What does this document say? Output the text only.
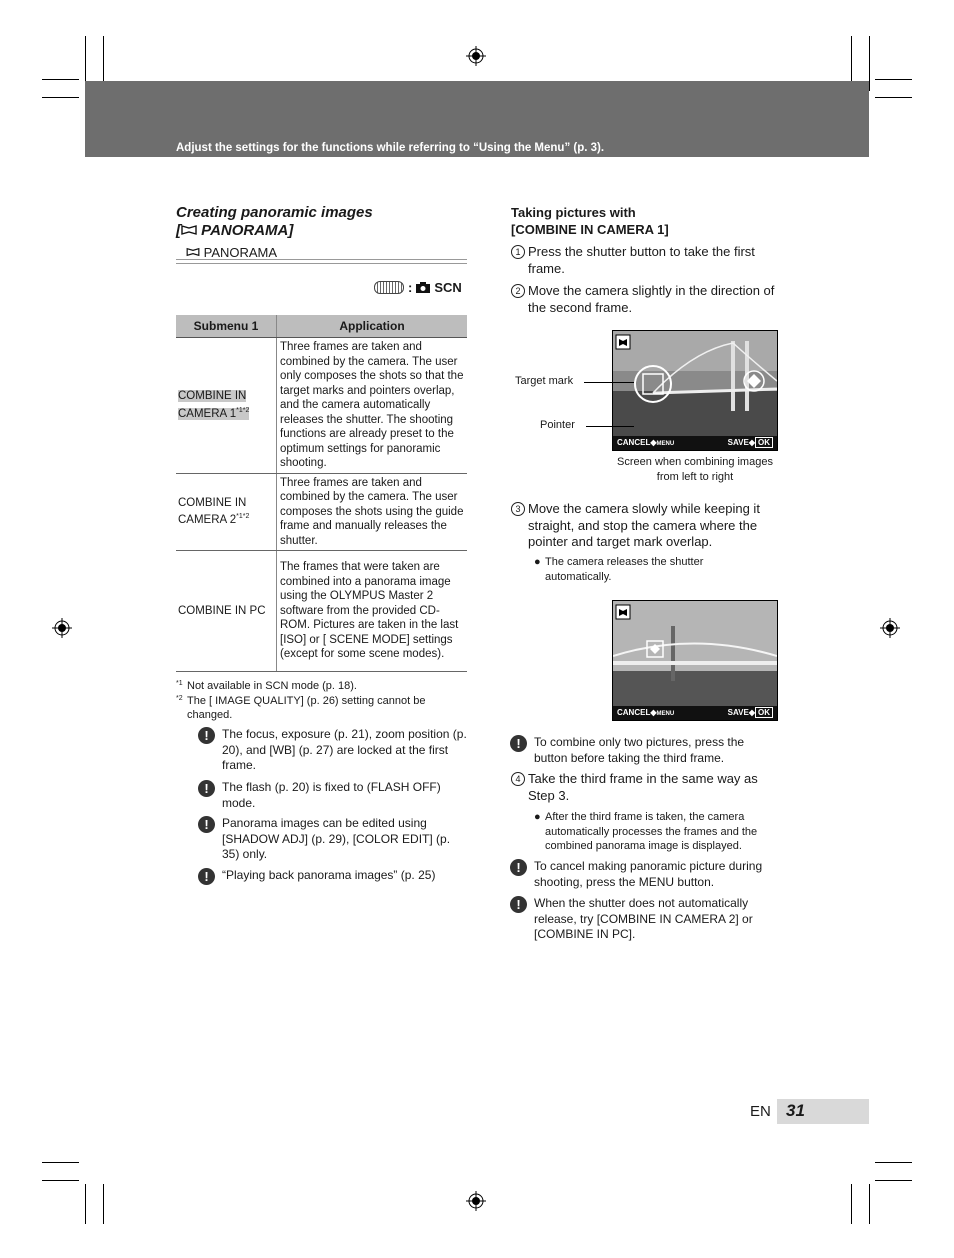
Adjust the settings for the functions while referring to “Using the Menu” (p. 3).
Creating panoramic images
[ PANORAMA]
PANORAMA
: SCN
Submenu 1	Application
COMBINE IN CAMERA $1^{*1*2}$	Three frames are taken and combined by the camera. The user only composes the shots so that the target marks and pointers overlap, and the camera automatically releases the shutter. The shooting functions are already preset to the optimum settings for panoramic shooting.
COMBINE IN CAMERA $2^{*1*2}$	Three frames are taken and combined by the camera. The user composes the shots using the guide frame and manually releases the shutter.
COMBINE IN PC	The frames that were taken are combined into a panorama image using the OLYMPUS Master 2 software from the provided CD-ROM. Pictures are taken in the last [ISO] or [ SCENE MODE] settings (except for some scene modes).
*1 Not available in SCN mode (p. 18).
*2 The [ IMAGE QUALITY] (p. 26) setting cannot be changed.
!	The focus, exposure (p. 21), zoom position (p. 20), and [WB] (p. 27) are locked at the first frame.
!	The flash (p. 20) is fixed to (FLASH OFF) mode.
!	Panorama images can be edited using [SHADOW ADJ] (p. 29), [COLOR EDIT] (p. 35) only.
!	“Playing back panorama images” (p. 25)
Taking pictures with
[COMBINE IN CAMERA 1]
1 Press the shutter button to take the first frame.
2 Move the camera slightly in the direction of the second frame.
CANCEL◆MENU	SAVE◆ OK
Target mark
Pointer
Screen when combining images from left to right
3 Move the camera slowly while keeping it straight, and stop the camera where the pointer and target mark overlap.
● The camera releases the shutter automatically.
CANCEL◆MENU	SAVE◆ OK
!	To combine only two pictures, press the button before taking the third frame.
4 Take the third frame in the same way as Step 3.
● After the third frame is taken, the camera automatically processes the frames and the combined panorama image is displayed.
!	To cancel making panoramic picture during shooting, press the MENU button.
!	When the shutter does not automatically release, try [COMBINE IN CAMERA 2] or [COMBINE IN PC].
EN 31
